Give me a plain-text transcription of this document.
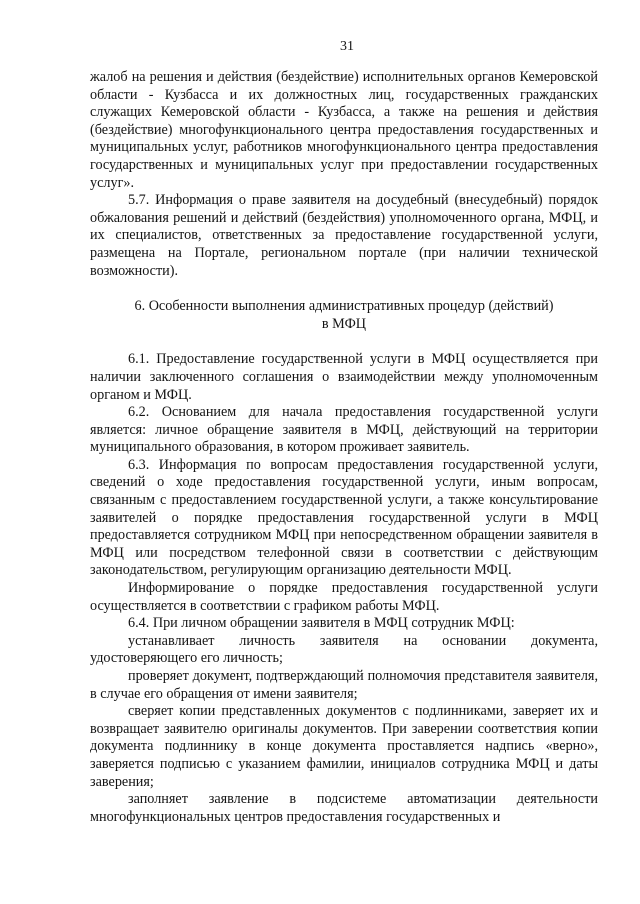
31

жалоб на решения и действия (бездействие) исполнительных органов Кемеровской области - Кузбасса и их должностных лиц, государственных гражданских служащих Кемеровской области - Кузбасса, а также на решения и действия (бездействие) многофункционального центра предоставления государственных и муниципальных услуг, работников многофункционального центра предоставления государственных и муниципальных услуг при предоставлении государственных услуг».

5.7. Информация о праве заявителя на досудебный (внесудебный) порядок обжалования решений и действий (бездействия) уполномоченного органа, МФЦ, и их специалистов, ответственных за предоставление государственной услуги, размещена на Портале, региональном портале (при наличии технической возможности).

6. Особенности выполнения административных процедур (действий)
в МФЦ

6.1. Предоставление государственной услуги в МФЦ осуществляется при наличии заключенного соглашения о взаимодействии между уполномоченным органом и МФЦ.

6.2. Основанием для начала предоставления государственной услуги является: личное обращение заявителя в МФЦ, действующий на территории муниципального образования, в котором проживает заявитель.

6.3. Информация по вопросам предоставления государственной услуги, сведений о ходе предоставления государственной услуги, иным вопросам, связанным с предоставлением государственной услуги, а также консультирование заявителей о порядке предоставления государственной услуги в МФЦ предоставляется сотрудником МФЦ при непосредственном обращении заявителя в МФЦ или посредством телефонной связи в соответствии с действующим законодательством, регулирующим организацию деятельности МФЦ.

Информирование о порядке предоставления государственной услуги осуществляется в соответствии с графиком работы МФЦ.

6.4. При личном обращении заявителя в МФЦ сотрудник МФЦ:

устанавливает личность заявителя на основании документа, удостоверяющего его личность;

проверяет документ, подтверждающий полномочия представителя заявителя, в случае его обращения от имени заявителя;

сверяет копии представленных документов с подлинниками, заверяет их и возвращает заявителю оригиналы документов. При заверении соответствия копии документа подлиннику в конце документа проставляется надпись «верно», заверяется подписью с указанием фамилии, инициалов сотрудника МФЦ и даты заверения;

заполняет заявление в подсистеме автоматизации деятельности многофункциональных центров предоставления государственных и
